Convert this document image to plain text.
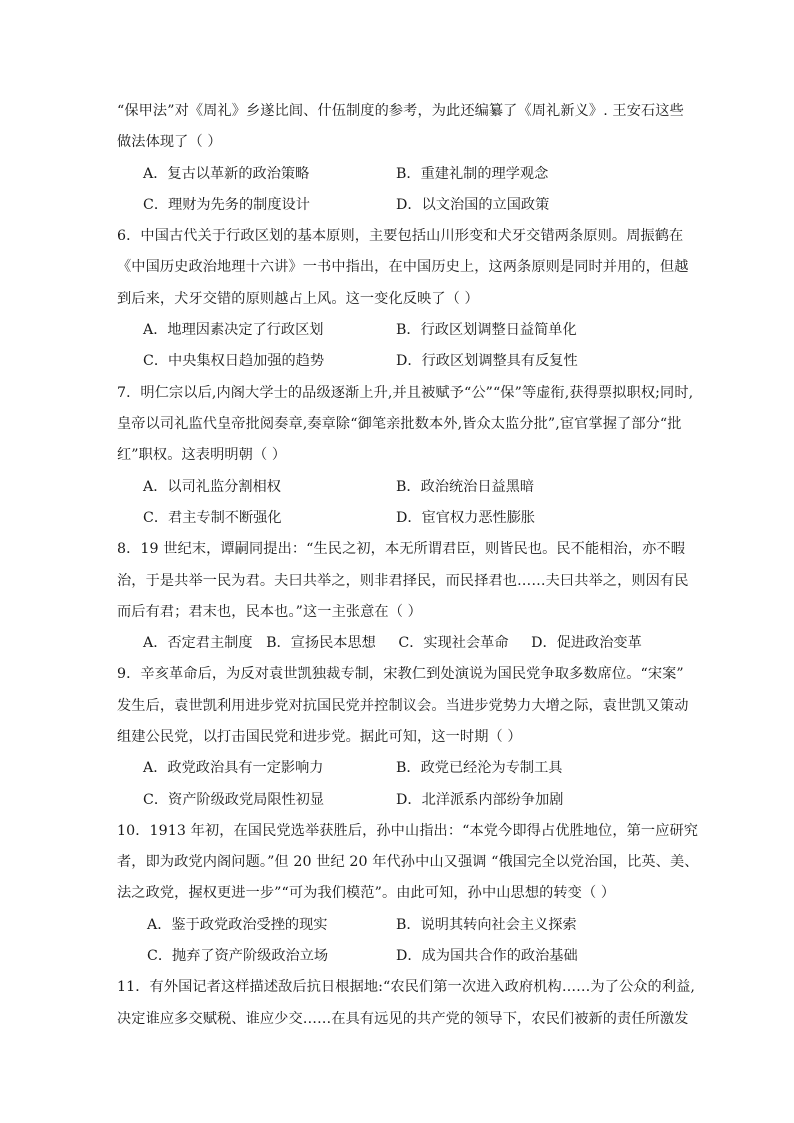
“保甲法”对《周礼》乡遂比闾、什伍制度的参考，为此还编纂了《周礼新义》. 王安石这些
做法体现了（ ）
A．复古以革新的政治策略	B．重建礼制的理学观念
C．理财为先务的制度设计	D．以文治国的立国政策
6．中国古代关于行政区划的基本原则，主要包括山川形变和犬牙交错两条原则。周振鹤在
《中国历史政治地理十六讲》一书中指出，在中国历史上，这两条原则是同时并用的，但越
到后来，犬牙交错的原则越占上风。这一变化反映了（ ）
A．地理因素决定了行政区划	B．行政区划调整日益简单化
C．中央集权日趋加强的趋势	D．行政区划调整具有反复性
7．明仁宗以后,内阁大学士的品级逐渐上升,并且被赋予“公”“保”等虚衔,获得票拟职权;同时,
皇帝以司礼监代皇帝批阅奏章,奏章除“御笔亲批数本外,皆众太监分批”,宦官掌握了部分“批
红”职权。这表明明朝（ ）
A．以司礼监分割相权	B．政治统治日益黑暗
C．君主专制不断强化	D．宦官权力恶性膨胀
8．19 世纪末，谭嗣同提出：“生民之初，本无所谓君臣，则皆民也。民不能相治，亦不暇
治，于是共举一民为君。夫曰共举之，则非君择民，而民择君也……夫曰共举之，则因有民
而后有君；君末也，民本也。”这一主张意在（ ）
A．否定君主制度   B．宣扬民本思想     C．实现社会革命     D．促进政治变革
9．辛亥革命后，为反对袁世凯独裁专制，宋教仁到处演说为国民党争取多数席位。“宋案”
发生后，袁世凯利用进步党对抗国民党并控制议会。当进步党势力大增之际，袁世凯又策动
组建公民党，以打击国民党和进步党。据此可知，这一时期（ ）
A．政党政治具有一定影响力	B．政党已经沦为专制工具
C．资产阶级政党局限性初显	D．北洋派系内部纷争加剧
10．1913 年初，在国民党选举获胜后，孙中山指出：“本党今即得占优胜地位，第一应研究
者，即为政党内阁问题。”但 20 世纪 20 年代孙中山又强调 “俄国完全以党治国，比英、美、
法之政党，握权更进一步”“可为我们模范”。由此可知，孙中山思想的转变（ ）
A．鉴于政党政治受挫的现实	B．说明其转向社会主义探索
C．抛弃了资产阶级政治立场	D．成为国共合作的政治基础
11．有外国记者这样描述敌后抗日根据地:“农民们第一次进入政府机构……为了公众的利益,
决定谁应多交赋税、谁应少交……在具有远见的共产党的领导下，农民们被新的责任所激发
